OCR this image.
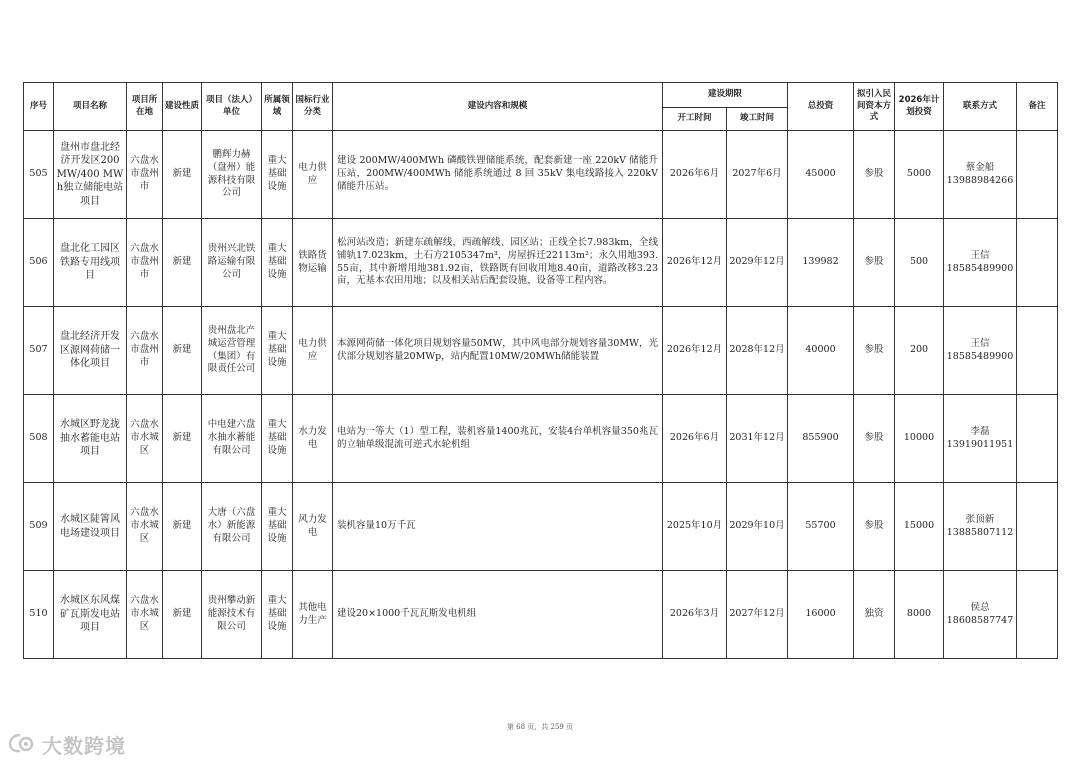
序号	项目名称	项目所在地	建设性质	项目（法人）单位	所属领域	国标行业分类	建设内容和规模	建设期限		总投资	拟引入民间资本方式	2026年计划投资	联系方式	备注
								开工时间	竣工时间					
505	盘州市盘北经济开发区200MW/400 MWh独立储能电站项目	六盘水市盘州市	新建	鹏辉力赫（盘州）能源科技有限公司	重大基础设施	电力供应	建设 200MW/400MWh 磷酸铁锂储能系统，配套新建一座 220kV 储能升压站，200MW/400MWh 储能系统通过 8 回 35kV 集电线路接入 220kV 储能升压站。	2026年6月	2027年6月	45000	参股	5000	蔡金船
13988984266	
506	盘北化工园区铁路专用线项目	六盘水市盘州市	新建	贵州兴北铁路运输有限公司	重大基础设施	铁路货物运输	松河站改造；新建东疏解线，西疏解线、园区站；正线全长7.983km，全线铺轨17.023km，土石方2105347m³，房屋拆迁22113m²；永久用地393.55亩，其中新增用地381.92亩，铁路既有回收用地8.40亩，道路改移3.23亩，无基本农田用地；以及相关站后配套设施、设备等工程内容。	2026年12月	2029年12月	139982	参股	500	王信
18585489900	
507	盘北经济开发区源网荷储一体化项目	六盘水市盘州市	新建	贵州盘北产城运营管理（集团）有限责任公司	重大基础设施	电力供应	本源网荷储一体化项目规划容量50MW，其中风电部分规划容量30MW，光伏部分规划容量20MWp，站内配置10MW/20MWh储能装置	2026年12月	2028年12月	40000	参股	200	王信
18585489900	
508	水城区野龙拢抽水蓄能电站项目	六盘水市水城区	新建	中电建六盘水抽水蓄能有限公司	重大基础设施	水力发电	电站为一等大（1）型工程，装机容量1400兆瓦，安装4台单机容量350兆瓦的立轴单级混流可逆式水轮机组	2026年6月	2031年12月	855900	参股	10000	李磊
13919011951	
509	水城区陡箐风电场建设项目	六盘水市水城区	新建	大唐（六盘水）新能源有限公司	重大基础设施	风力发电	装机容量10万千瓦	2025年10月	2029年10月	55700	参股	15000	张顶新
13885807112	
510	水城区东风煤矿瓦斯发电站项目	六盘水市水城区	新建	贵州攀动新能源技术有限公司	重大基础设施	其他电力生产	建设20×1000千瓦瓦斯发电机组	2026年3月	2027年12月	16000	独资	8000	侯总
18608587747	
第 68 页，共 259 页
大数跨境
